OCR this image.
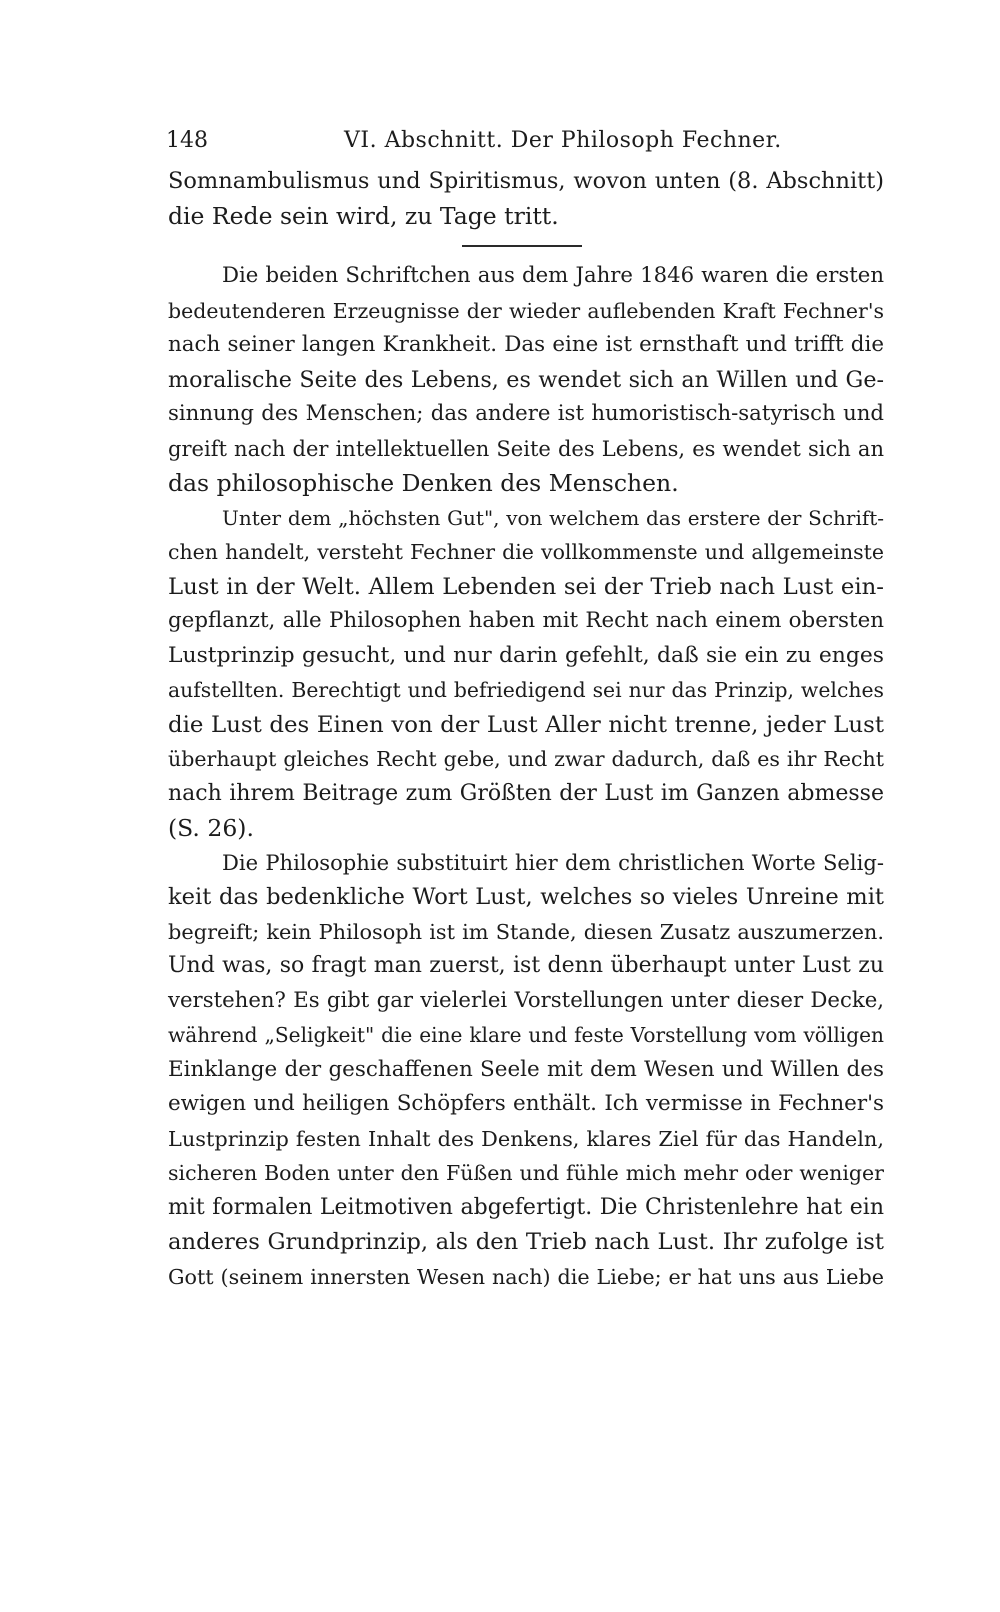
148	VI. Abschnitt. Der Philosoph Fechner.
Somnambulismus und Spiritismus, wovon unten (8. Abschnitt)
die Rede sein wird, zu Tage tritt.
Die beiden Schriftchen aus dem Jahre 1846 waren die ersten
bedeutenderen Erzeugnisse der wieder auflebenden Kraft Fechner's
nach seiner langen Krankheit. Das eine ist ernsthaft und trifft die
moralische Seite des Lebens, es wendet sich an Willen und Ge-
sinnung des Menschen; das andere ist humoristisch-satyrisch und
greift nach der intellektuellen Seite des Lebens, es wendet sich an
das philosophische Denken des Menschen.
Unter dem „höchsten Gut", von welchem das erstere der Schrift-
chen handelt, versteht Fechner die vollkommenste und allgemeinste
Lust in der Welt. Allem Lebenden sei der Trieb nach Lust ein-
gepflanzt, alle Philosophen haben mit Recht nach einem obersten
Lustprinzip gesucht, und nur darin gefehlt, daß sie ein zu enges
aufstellten. Berechtigt und befriedigend sei nur das Prinzip, welches
die Lust des Einen von der Lust Aller nicht trenne, jeder Lust
überhaupt gleiches Recht gebe, und zwar dadurch, daß es ihr Recht
nach ihrem Beitrage zum Größten der Lust im Ganzen abmesse
(S. 26).
Die Philosophie substituirt hier dem christlichen Worte Selig-
keit das bedenkliche Wort Lust, welches so vieles Unreine mit
begreift; kein Philosoph ist im Stande, diesen Zusatz auszumerzen.
Und was, so fragt man zuerst, ist denn überhaupt unter Lust zu
verstehen? Es gibt gar vielerlei Vorstellungen unter dieser Decke,
während „Seligkeit" die eine klare und feste Vorstellung vom völligen
Einklange der geschaffenen Seele mit dem Wesen und Willen des
ewigen und heiligen Schöpfers enthält. Ich vermisse in Fechner's
Lustprinzip festen Inhalt des Denkens, klares Ziel für das Handeln,
sicheren Boden unter den Füßen und fühle mich mehr oder weniger
mit formalen Leitmotiven abgefertigt. Die Christenlehre hat ein
anderes Grundprinzip, als den Trieb nach Lust. Ihr zufolge ist
Gott (seinem innersten Wesen nach) die Liebe; er hat uns aus Liebe
